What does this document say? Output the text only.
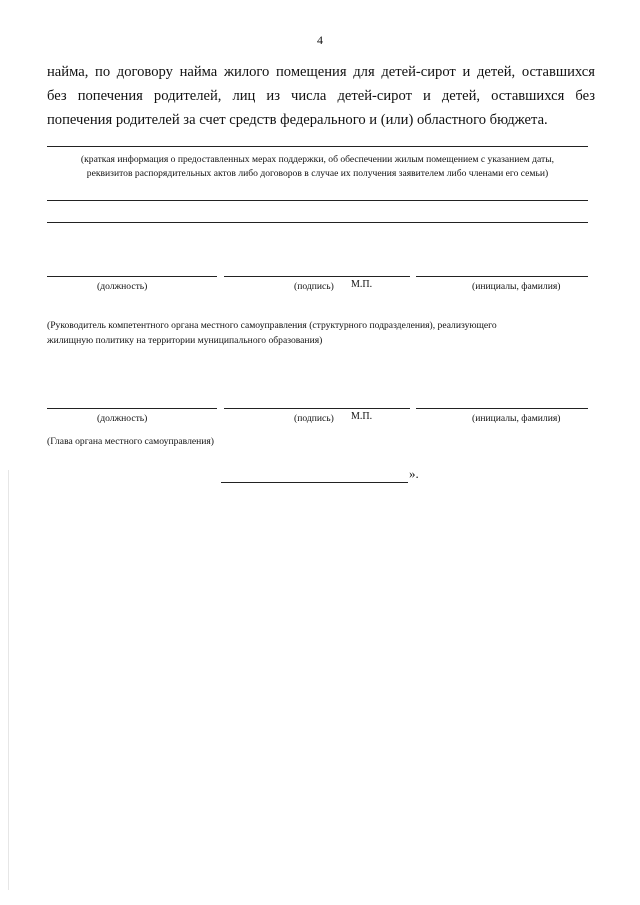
4
найма, по договору найма жилого помещения для детей-сирот и детей, оставшихся
без попечения родителей, лиц из числа детей-сирот и детей, оставшихся без
попечения родителей за счет средств федерального и (или) областного бюджета.
(краткая информация о предоставленных мерах поддержки, об обеспечении жилым помещением с указанием даты,
реквизитов распорядительных актов либо договоров в случае их получения заявителем либо членами его семьи)
(должность)	(подпись) М.П.	(инициалы, фамилия)
(Руководитель компетентного органа местного самоуправления (структурного подразделения), реализующего
жилищную политику на территории муниципального образования)
(должность)	(подпись) М.П.	(инициалы, фамилия)
(Глава органа местного самоуправления)
».
